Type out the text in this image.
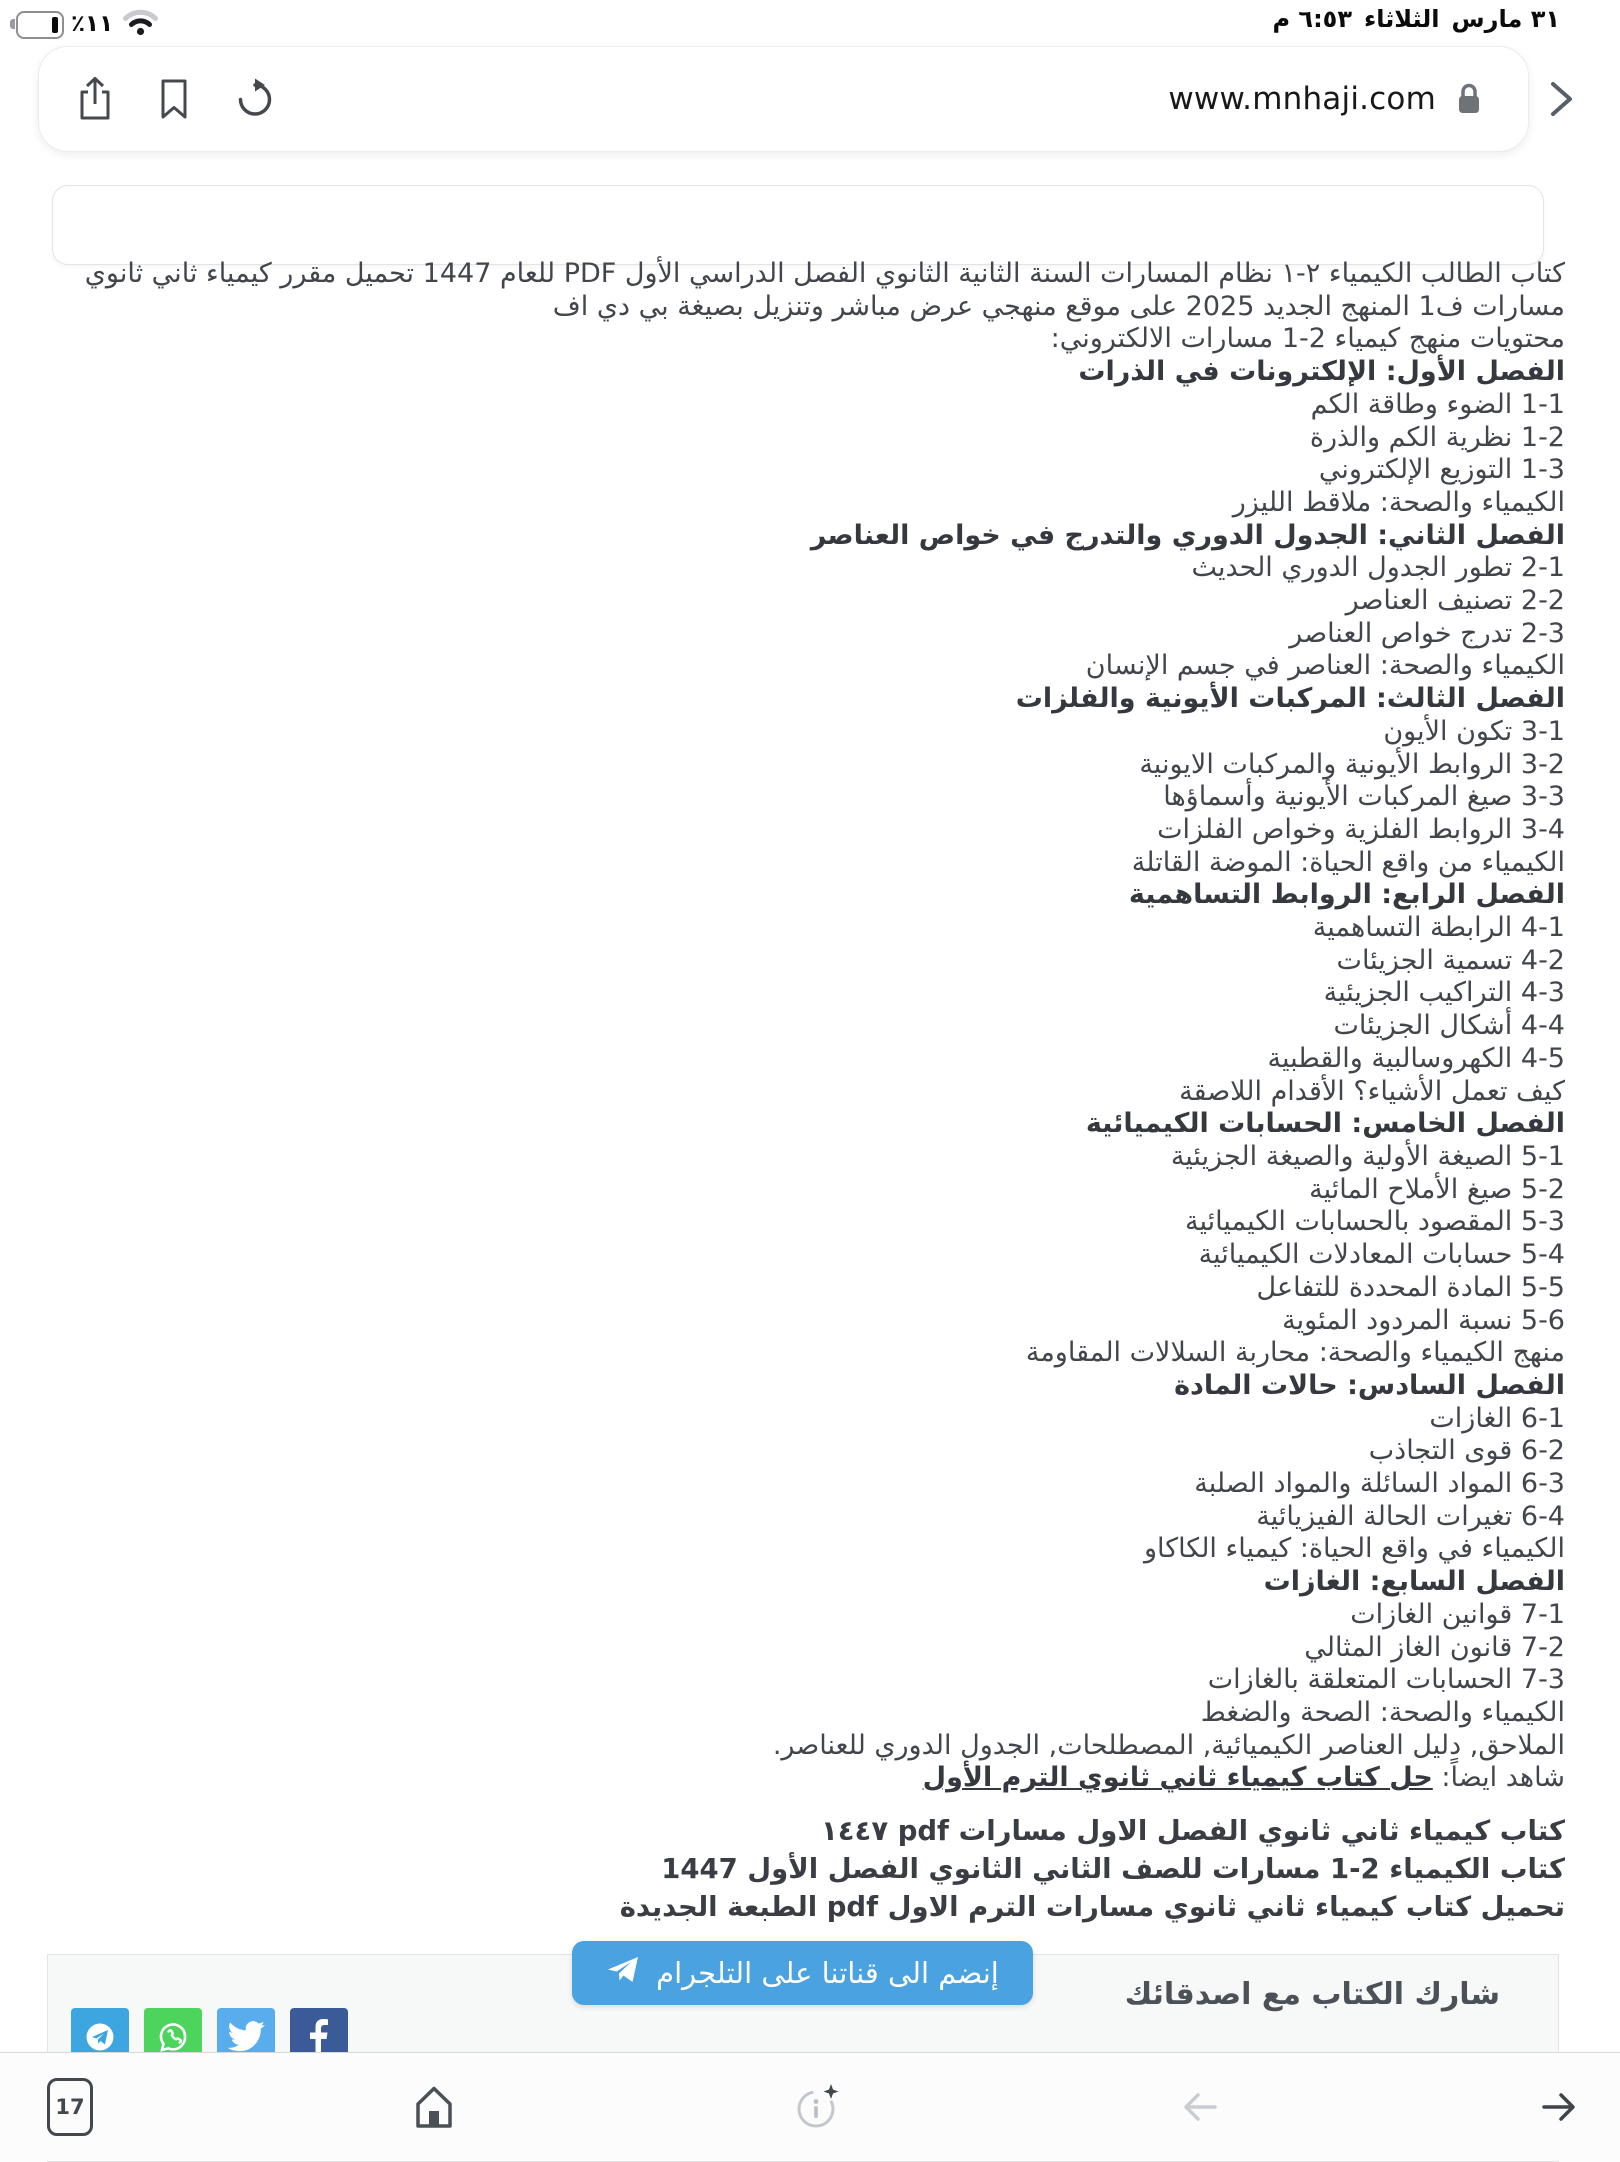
٪١١	٦:٥٣ م	الثلاثاء	٣١ مارس
www.mnhaji.com
كتاب الطالب الكيمياء ٢-١ نظام المسارات السنة الثانية الثانوي الفصل الدراسي الأول PDF للعام 1447 تحميل مقرر كيمياء ثاني ثانوي مسارات ف1 المنهج الجديد 2025 على موقع منهجي عرض مباشر وتنزيل بصيغة بي دي اف
محتويات منهج كيمياء 2-1 مسارات الالكتروني:
الفصل الأول: الإلكترونات في الذرات
1-1 الضوء وطاقة الكم
1-2 نظرية الكم والذرة
1-3 التوزيع الإلكتروني
الكيمياء والصحة: ملاقط الليزر
الفصل الثاني: الجدول الدوري والتدرج في خواص العناصر
2-1 تطور الجدول الدوري الحديث
2-2 تصنيف العناصر
2-3 تدرج خواص العناصر
الكيمياء والصحة: العناصر في جسم الإنسان
الفصل الثالث: المركبات الأيونية والفلزات
3-1 تكون الأيون
3-2 الروابط الأيونية والمركبات الايونية
3-3 صيغ المركبات الأيونية وأسماؤها
3-4 الروابط الفلزية وخواص الفلزات
الكيمياء من واقع الحياة: الموضة القاتلة
الفصل الرابع: الروابط التساهمية
4-1 الرابطة التساهمية
4-2 تسمية الجزيئات
4-3 التراكيب الجزيئية
4-4 أشكال الجزيئات
4-5 الكهروسالبية والقطبية
كيف تعمل الأشياء؟ الأقدام اللاصقة
الفصل الخامس: الحسابات الكيميائية
5-1 الصيغة الأولية والصيغة الجزيئية
5-2 صيغ الأملاح المائية
5-3 المقصود بالحسابات الكيميائية
5-4 حسابات المعادلات الكيميائية
5-5 المادة المحددة للتفاعل
5-6 نسبة المردود المئوية
منهج الكيمياء والصحة: محاربة السلالات المقاومة
الفصل السادس: حالات المادة
6-1 الغازات
6-2 قوى التجاذب
6-3 المواد السائلة والمواد الصلبة
6-4 تغيرات الحالة الفيزيائية
الكيمياء في واقع الحياة: كيمياء الكاكاو
الفصل السابع: الغازات
7-1 قوانين الغازات
7-2 قانون الغاز المثالي
7-3 الحسابات المتعلقة بالغازات
الكيمياء والصحة: الصحة والضغط
الملاحق, دليل العناصر الكيميائية, المصطلحات, الجدول الدوري للعناصر.
شاهد ايضاً: حل كتاب كيمياء ثاني ثانوي الترم الأول
كتاب كيمياء ثاني ثانوي الفصل الاول مسارات pdf ١٤٤٧
كتاب الكيمياء 2-1 مسارات للصف الثاني الثانوي الفصل الأول 1447
تحميل كتاب كيمياء ثاني ثانوي مسارات الترم الاول pdf الطبعة الجديدة
شارك الكتاب مع اصدقائك
إنضم الى قناتنا على التلجرام
17
